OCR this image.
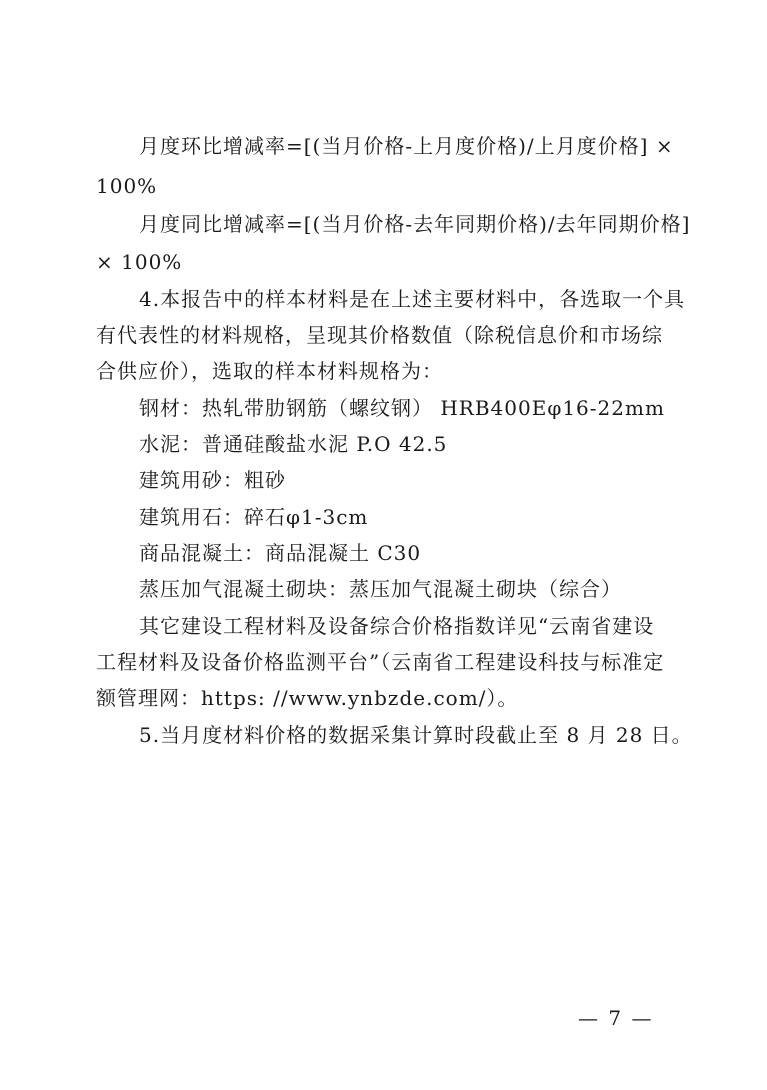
月度环比增减率=[(当月价格-上月度价格)/上月度价格] ×
100%
月度同比增减率=[(当月价格-去年同期价格)/去年同期价格]
× 100%
4.本报告中的样本材料是在上述主要材料中，各选取一个具
有代表性的材料规格，呈现其价格数值（除税信息价和市场综
合供应价），选取的样本材料规格为：
钢材：热轧带肋钢筋（螺纹钢） HRB400Eφ16-22mm
水泥：普通硅酸盐水泥 P.O 42.5
建筑用砂：粗砂
建筑用石：碎石φ1-3cm
商品混凝土：商品混凝土 C30
蒸压加气混凝土砌块：蒸压加气混凝土砌块（综合）
其它建设工程材料及设备综合价格指数详见“云南省建设
工程材料及设备价格监测平台”（云南省工程建设科技与标准定
额管理网：https: //www.ynbzde.com/）。
5.当月度材料价格的数据采集计算时段截止至 8 月 28 日。
— 7 —
